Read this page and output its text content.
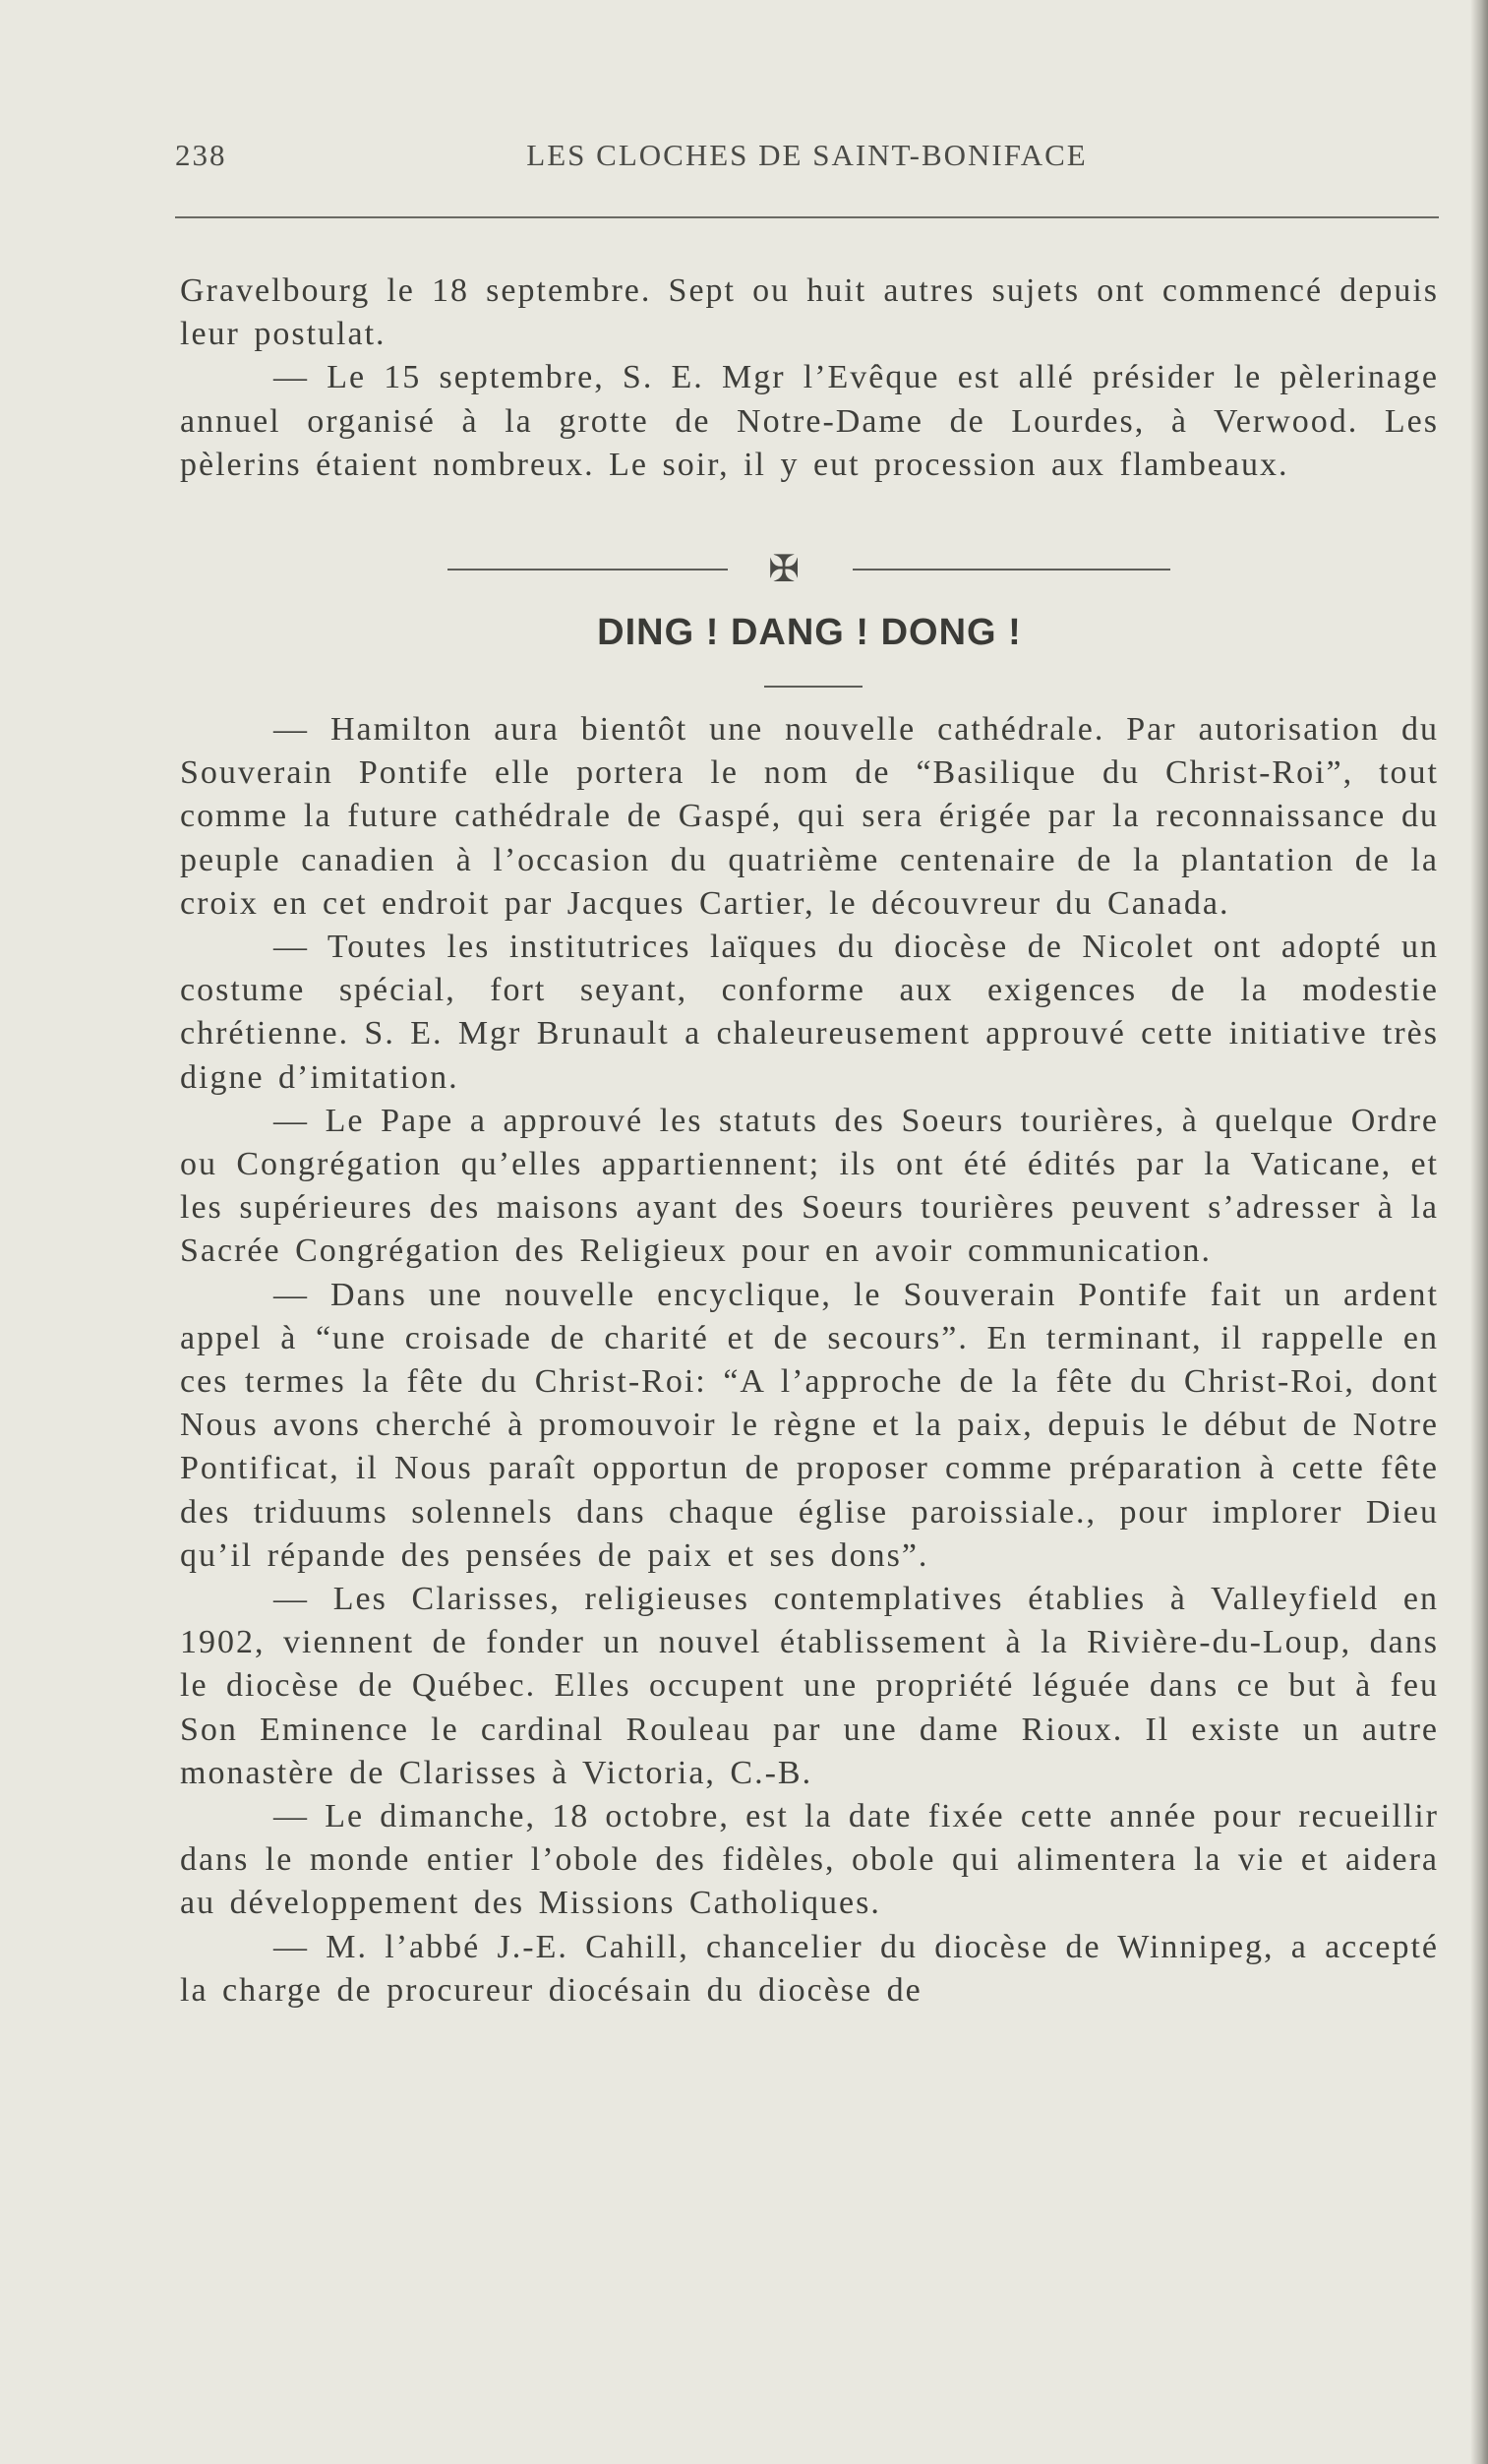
238	LES CLOCHES DE SAINT-BONIFACE

Gravelbourg le 18 septembre. Sept ou huit autres sujets ont commencé depuis leur postulat.

— Le 15 septembre, S. E. Mgr l’Evêque est allé présider le pèlerinage annuel organisé à la grotte de Notre-Dame de Lourdes, à Verwood. Les pèlerins étaient nombreux. Le soir, il y eut procession aux flambeaux.

✠
DING ! DANG ! DONG !

— Hamilton aura bientôt une nouvelle cathédrale. Par autorisation du Souverain Pontife elle portera le nom de “Basilique du Christ-Roi”, tout comme la future cathédrale de Gaspé, qui sera érigée par la reconnaissance du peuple canadien à l’occasion du quatrième centenaire de la plantation de la croix en cet endroit par Jacques Cartier, le découvreur du Canada.

— Toutes les institutrices laïques du diocèse de Nicolet ont adopté un costume spécial, fort seyant, conforme aux exigences de la modestie chrétienne. S. E. Mgr Brunault a chaleureusement approuvé cette initiative très digne d’imitation.

— Le Pape a approuvé les statuts des Soeurs tourières, à quelque Ordre ou Congrégation qu’elles appartiennent; ils ont été édités par la Vaticane, et les supérieures des maisons ayant des Soeurs tourières peuvent s’adresser à la Sacrée Congrégation des Religieux pour en avoir communication.

— Dans une nouvelle encyclique, le Souverain Pontife fait un ardent appel à “une croisade de charité et de secours”. En terminant, il rappelle en ces termes la fête du Christ-Roi: “A l’approche de la fête du Christ-Roi, dont Nous avons cherché à promouvoir le règne et la paix, depuis le début de Notre Pontificat, il Nous paraît opportun de proposer comme préparation à cette fête des triduums solennels dans chaque église paroissiale., pour implorer Dieu qu’il répande des pensées de paix et ses dons”.

— Les Clarisses, religieuses contemplatives établies à Valleyfield en 1902, viennent de fonder un nouvel établissement à la Rivière-du-Loup, dans le diocèse de Québec. Elles occupent une propriété léguée dans ce but à feu Son Eminence le cardinal Rouleau par une dame Rioux. Il existe un autre monastère de Clarisses à Victoria, C.-B.

— Le dimanche, 18 octobre, est la date fixée cette année pour recueillir dans le monde entier l’obole des fidèles, obole qui alimentera la vie et aidera au développement des Missions Catholiques.

— M. l’abbé J.-E. Cahill, chancelier du diocèse de Winnipeg, a accepté la charge de procureur diocésain du diocèse de
